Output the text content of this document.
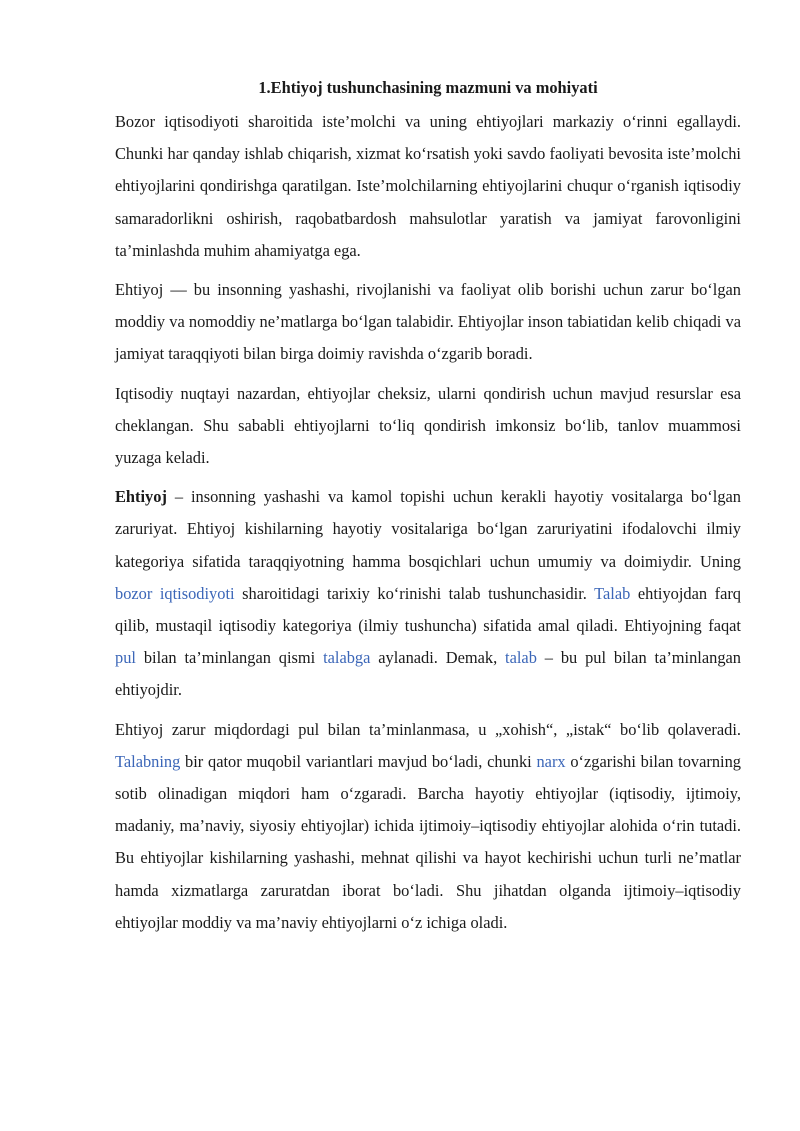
1.Ehtiyoj tushunchasining mazmuni va mohiyati

Bozor iqtisodiyoti sharoitida iste’molchi va uning ehtiyojlari markaziy o‘rinni egallaydi. Chunki har qanday ishlab chiqarish, xizmat ko‘rsatish yoki savdo faoliyati bevosita iste’molchi ehtiyojlarini qondirishga qaratilgan. Iste’molchilarning ehtiyojlarini chuqur o‘rganish iqtisodiy samaradorlikni oshirish, raqobatbardosh mahsulotlar yaratish va jamiyat farovonligini ta’minlashda muhim ahamiyatga ega.

Ehtiyoj — bu insonning yashashi, rivojlanishi va faoliyat olib borishi uchun zarur bo‘lgan moddiy va nomoddiy ne’matlarga bo‘lgan talabidir. Ehtiyojlar inson tabiatidan kelib chiqadi va jamiyat taraqqiyoti bilan birga doimiy ravishda o‘zgarib boradi.

Iqtisodiy nuqtayi nazardan, ehtiyojlar cheksiz, ularni qondirish uchun mavjud resurslar esa cheklangan. Shu sababli ehtiyojlarni to‘liq qondirish imkonsiz bo‘lib, tanlov muammosi yuzaga keladi.

Ehtiyoj – insonning yashashi va kamol topishi uchun kerakli hayotiy vositalarga bo‘lgan zaruriyat. Ehtiyoj kishilarning hayotiy vositalariga bo‘lgan zaruriyatini ifodalovchi ilmiy kategoriya sifatida taraqqiyotning hamma bosqichlari uchun umumiy va doimiydir. Uning bozor iqtisodiyoti sharoitidagi tarixiy ko‘rinishi talab tushunchasidir. Talab ehtiyojdan farq qilib, mustaqil iqtisodiy kategoriya (ilmiy tushuncha) sifatida amal qiladi. Ehtiyojning faqat pul bilan ta’minlangan qismi talabga aylanadi. Demak, talab – bu pul bilan ta’minlangan ehtiyojdir.

Ehtiyoj zarur miqdordagi pul bilan ta’minlanmasa, u „xohish“, „istak“ bo‘lib qolaveradi. Talabning bir qator muqobil variantlari mavjud bo‘ladi, chunki narx o‘zgarishi bilan tovarning sotib olinadigan miqdori ham o‘zgaradi. Barcha hayotiy ehtiyojlar (iqtisodiy, ijtimoiy, madaniy, ma’naviy, siyosiy ehtiyojlar) ichida ijtimoiy–iqtisodiy ehtiyojlar alohida o‘rin tutadi. Bu ehtiyojlar kishilarning yashashi, mehnat qilishi va hayot kechirishi uchun turli ne’matlar hamda xizmatlarga zaruratdan iborat bo‘ladi. Shu jihatdan olganda ijtimoiy–iqtisodiy ehtiyojlar moddiy va ma’naviy ehtiyojlarni o‘z ichiga oladi.
